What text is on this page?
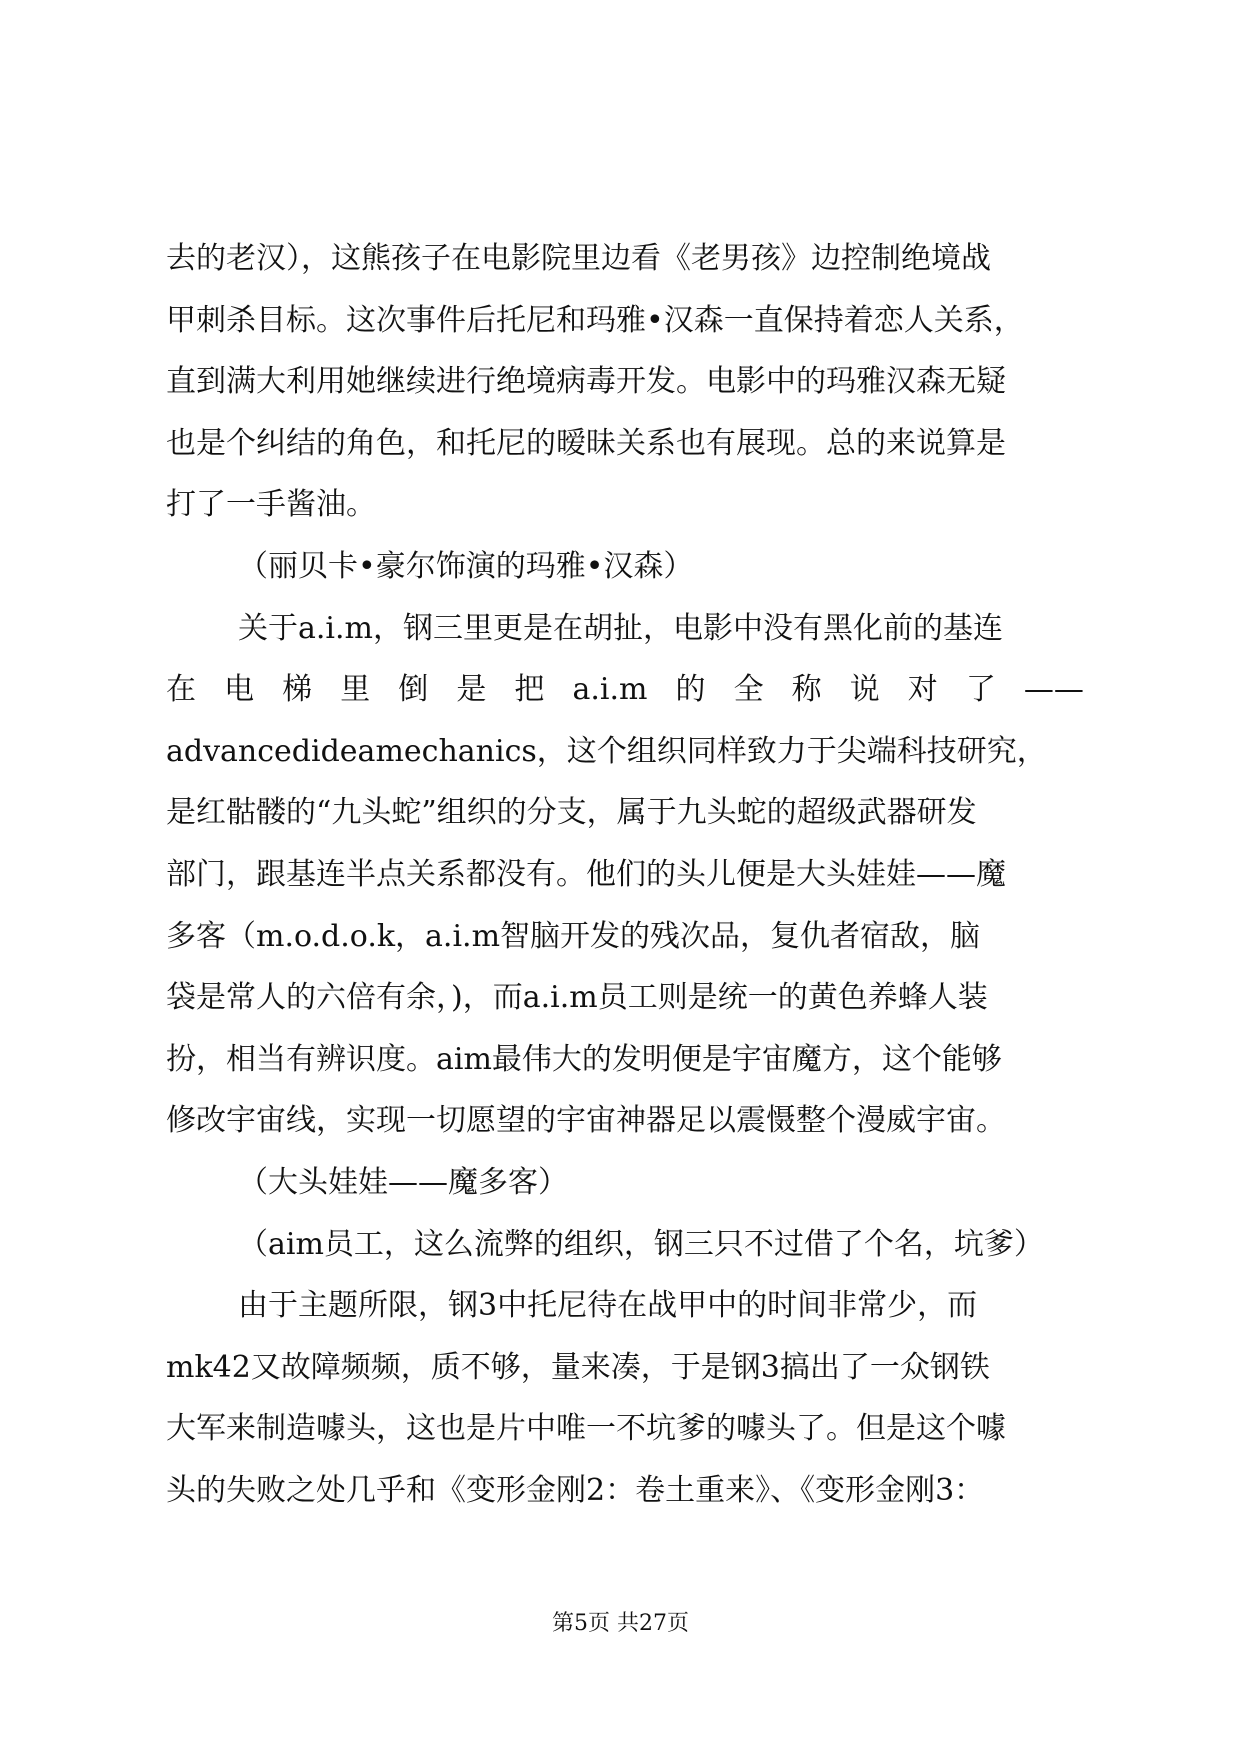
去的老汉），这熊孩子在电影院里边看《老男孩》边控制绝境战
甲刺杀目标。这次事件后托尼和玛雅•汉森一直保持着恋人关系，
直到满大利用她继续进行绝境病毒开发。电影中的玛雅汉森无疑
也是个纠结的角色，和托尼的暧昧关系也有展现。总的来说算是
打了一手酱油。
（丽贝卡•豪尔饰演的玛雅•汉森）
关于a.i.m，钢三里更是在胡扯，电影中没有黑化前的基连
在 电 梯 里 倒 是 把 a.i.m 的 全 称 说 对 了 ——
advancedideamechanics，这个组织同样致力于尖端科技研究，
是红骷髅的“九头蛇”组织的分支，属于九头蛇的超级武器研发
部门，跟基连半点关系都没有。他们的头儿便是大头娃娃——魔
多客（m.o.d.o.k，a.i.m智脑开发的残次品，复仇者宿敌，脑
袋是常人的六倍有余，)，而a.i.m员工则是统一的黄色养蜂人装
扮，相当有辨识度。aim最伟大的发明便是宇宙魔方，这个能够
修改宇宙线，实现一切愿望的宇宙神器足以震慑整个漫威宇宙。
（大头娃娃——魔多客）
（aim员工，这么流弊的组织，钢三只不过借了个名，坑爹）
由于主题所限，钢3中托尼待在战甲中的时间非常少，而
mk42又故障频频，质不够，量来凑，于是钢3搞出了一众钢铁
大军来制造噱头，这也是片中唯一不坑爹的噱头了。但是这个噱
头的失败之处几乎和《变形金刚2：卷土重来》、《变形金刚3：
第5页 共27页
